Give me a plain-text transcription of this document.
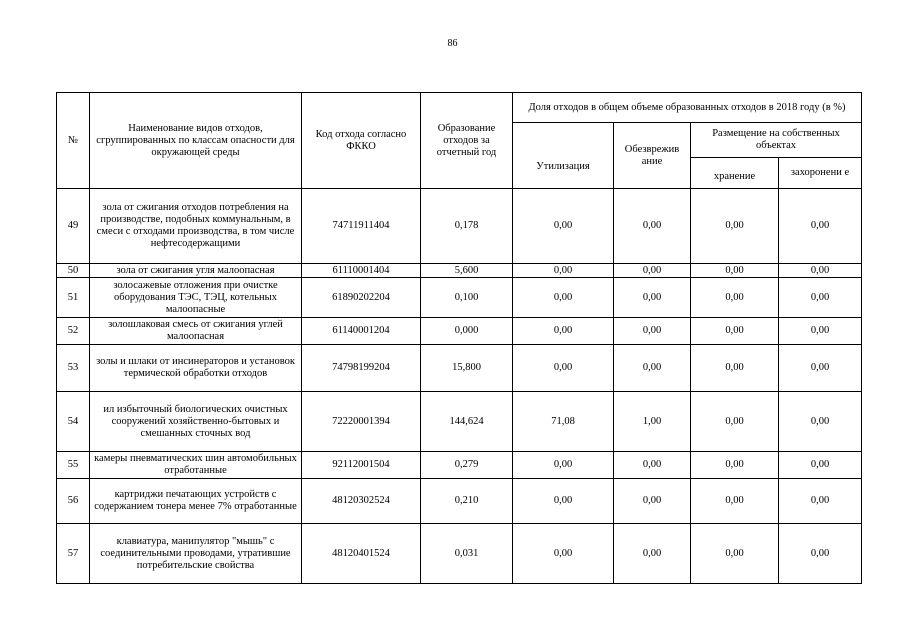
86
№	Наименование видов отходов, сгруппированных по классам опасности для окружающей среды	Код отхода согласно ФККО	Образование отходов за отчетный год	Доля отходов в общем объеме образованных отходов в 2018 году (в %)			
				Утилизация	Обезврежив ание	Размещение на собственных объектах	
						хранение	захоронени е
49	зола от сжигания отходов потребления на производстве, подобных коммунальным, в смеси с отходами производства, в том числе нефтесодержащими	74711911404	0,178	0,00	0,00	0,00	0,00
50	зола от сжигания угля малоопасная	61110001404	5,600	0,00	0,00	0,00	0,00
51	золосажевые отложения при очистке оборудования ТЭС, ТЭЦ, котельных малоопасные	61890202204	0,100	0,00	0,00	0,00	0,00
52	золошлаковая смесь от сжигания углей малоопасная	61140001204	0,000	0,00	0,00	0,00	0,00
53	золы и шлаки от инсинераторов и установок термической обработки отходов	74798199204	15,800	0,00	0,00	0,00	0,00
54	ил избыточный биологических очистных сооружений хозяйственно-бытовых и смешанных сточных вод	72220001394	144,624	71,08	1,00	0,00	0,00
55	камеры пневматических шин автомобильных отработанные	92112001504	0,279	0,00	0,00	0,00	0,00
56	картриджи печатающих устройств с содержанием тонера менее 7% отработанные	48120302524	0,210	0,00	0,00	0,00	0,00
57	клавиатура, манипулятор "мышь" с соединительными проводами, утратившие потребительские свойства	48120401524	0,031	0,00	0,00	0,00	0,00
